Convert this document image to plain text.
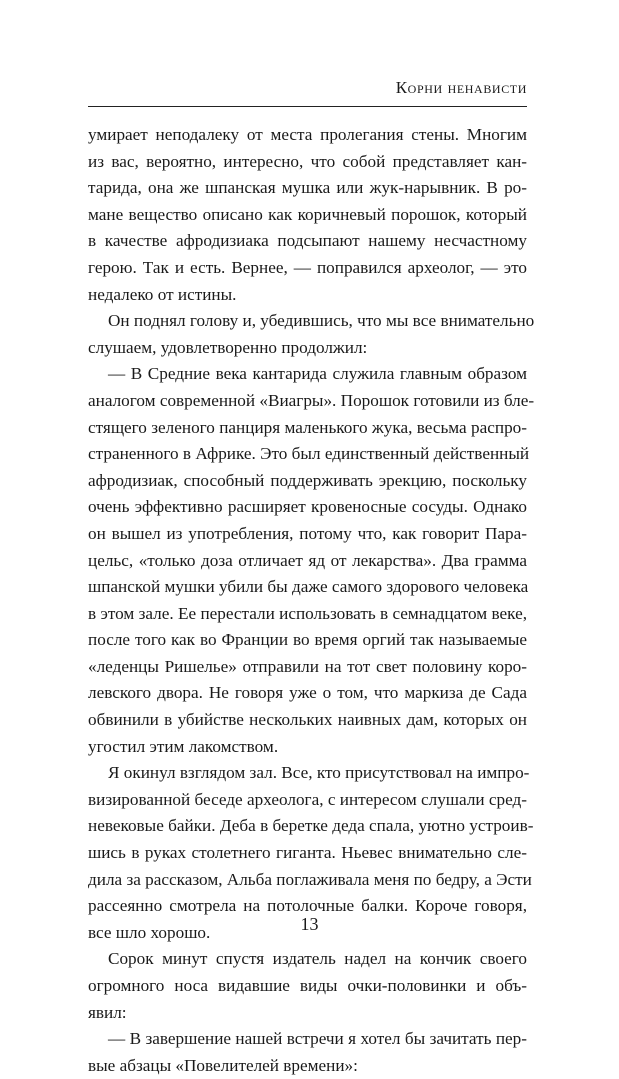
Корни ненависти
умирает неподалеку от места пролегания стены. Многим
из вас, вероятно, интересно, что собой представляет кан-
тарида, она же шпанская мушка или жук-нарывник. В ро-
мане вещество описано как коричневый порошок, который
в качестве афродизиака подсыпают нашему несчастному
герою. Так и есть. Вернее, — поправился археолог, — это
недалеко от истины.
Он поднял голову и, убедившись, что мы все внимательно
слушаем, удовлетворенно продолжил:
— В Средние века кантарида служила главным образом
аналогом современной «Виагры». Порошок готовили из бле-
стящего зеленого панциря маленького жука, весьма распро-
страненного в Африке. Это был единственный действенный
афродизиак, способный поддерживать эрекцию, поскольку
очень эффективно расширяет кровеносные сосуды. Однако
он вышел из употребления, потому что, как говорит Пара-
цельс, «только доза отличает яд от лекарства». Два грамма
шпанской мушки убили бы даже самого здорового человека
в этом зале. Ее перестали использовать в семнадцатом веке,
после того как во Франции во время оргий так называемые
«леденцы Ришелье» отправили на тот свет половину коро-
левского двора. Не говоря уже о том, что маркиза де Сада
обвинили в убийстве нескольких наивных дам, которых он
угостил этим лакомством.
Я окинул взглядом зал. Все, кто присутствовал на импро-
визированной беседе археолога, с интересом слушали сред-
невековые байки. Деба в беретке деда спала, уютно устроив-
шись в руках столетнего гиганта. Ньевес внимательно сле-
дила за рассказом, Альба поглаживала меня по бедру, а Эсти
рассеянно смотрела на потолочные балки. Короче говоря,
все шло хорошо.
Сорок минут спустя издатель надел на кончик своего
огромного носа видавшие виды очки-половинки и объ-
явил:
— В завершение нашей встречи я хотел бы зачитать пер-
вые абзацы «Повелителей времени»:
13
